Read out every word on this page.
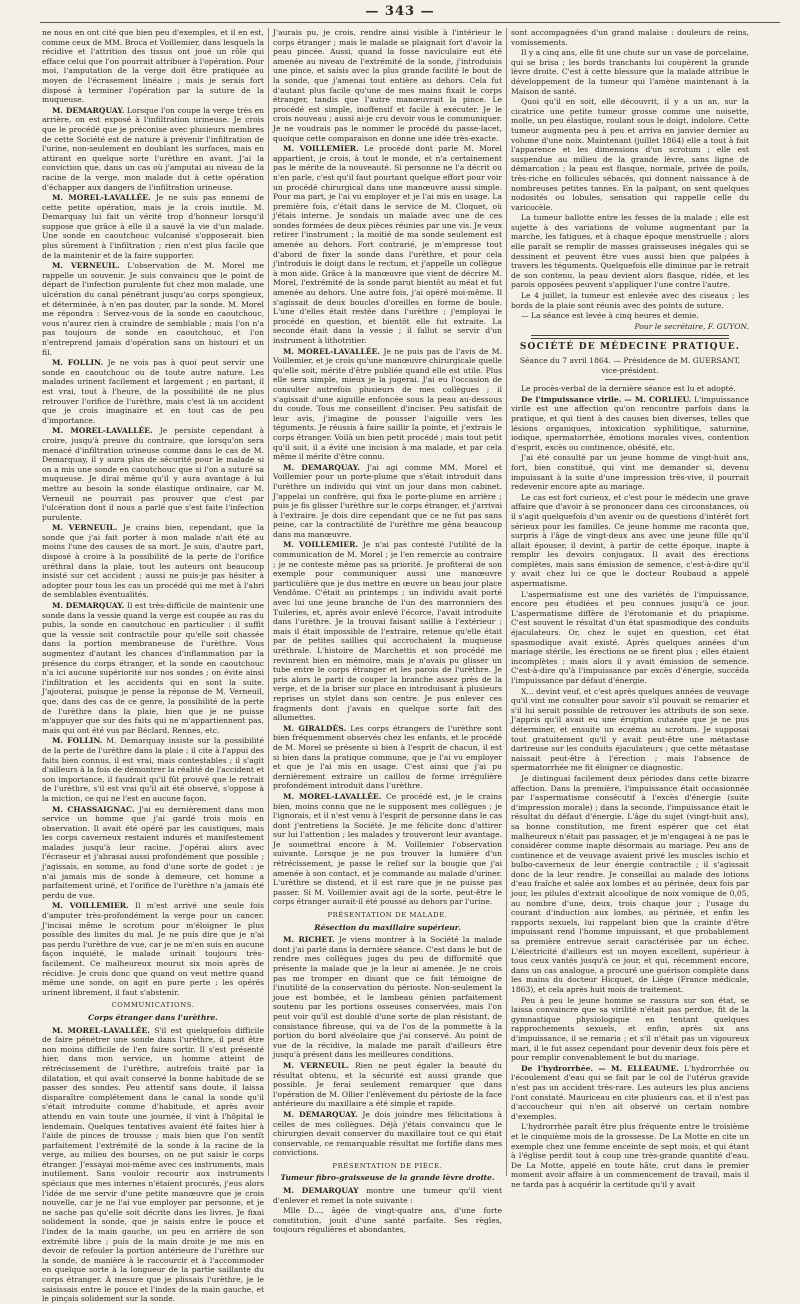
— 343 —

ne nous en ont cité que bien peu d'exemples, et il en est, comme ceux de MM. Broca et Voillemier, dans lesquels la récidive et l'attrition des tissus ont joué un rôle qui efface celui que l'on pourrait attribuer à l'opération. Pour moi, l'amputation de la verge doit être pratiquée au moyen de l'écrasement linéaire ; mais je serais fort disposé à terminer l'opération par la suture de la muqueuse.

M. DEMARQUAY. Lorsque l'on coupe la verge très en arrière, on est exposé à l'infiltration urineuse. Je crois que le procédé que je préconise avec plusieurs membres de cette Société est de nature à prévenir l'infiltration de l'urine, non-seulement en doublant les surfaces, mais en attirant en quelque sorte l'urèthre en avant. J'ai la conviction que, dans un cas où j'amputai au niveau de la racine de la verge, mon malade dut à cette opération d'échapper aux dangers de l'infiltration urineuse.

M. MOREL-LAVALLÉE. Je ne suis pas ennemi de cette petite opération, mais je la crois inutile. M. Demarquay lui fait un vérité trop d'honneur lorsqu'il suppose que grâce à elle il a sauvé la vie d'un malade. Une sonde en caoutchouc vulcanisé s'opposerait bien plus sûrement à l'infiltration ; rien n'est plus facile que de la maintenir et de la faire supporter.

M. VERNEUIL. L'observation de M. Morel me rappelle un souvenir. Je suis convaincu que le point de départ de l'infection purulente fut chez mon malade, une ulcération du canal pénétrant jusqu'au corps spongieux, et déterminée, à n'en pas douter, par la sonde. M. Morel me répondra : Servez-vous de la sonde en caoutchouc, vous n'aurez rien à craindre de semblable ; mais l'on n'a pas toujours de sonde en caoutchouc, et l'on n'entreprend jamais d'opération sans un histouri et un fil.

M. FOLLIN. Je ne vois pas à quoi peut servir une sonde en caoutchouc ou de toute autre nature. Les malades urinent facilement et largement ; en partant, il est vrai, tout à l'heure, de la possibilité de ne plus retrouver l'orifice de l'urèthre, mais c'est là un accident que je crois imaginaire et en tout cas de peu d'importance.

M. MOREL-LAVALLÉE. Je persiste cependant à croire, jusqu'à preuve du contraire, que lorsqu'on sera menacé d'infiltration urineuse comme dans le cas de M. Demarquay, il y aura plus de sécurité pour le malade si on a mis une sonde en caoutchouc que si l'on a suturé sa muqueuse. Je dirai même qu'il y aura avantage à lui mettre au besoin la sonde élastique ordinaire, car M. Verneuil ne pourrait pas prouver que c'est par l'ulcération dont il nous a parlé que s'est faite l'infection purulente.

M. VERNEUIL. Je crains bien, cependant, que la sonde que j'ai fait porter à mon malade n'ait été au moins l'une des causes de sa mort. Je suis, d'autre part, disposé à croire à la possibilité de la perte de l'orifice uréthral dans la plaie, tout les auteurs ont beaucoup insisté sur cet accident ; aussi ne puis-je pas hésiter à adopter pour tous les cas un procédé qui me met à l'abri de semblables éventualités.

M. DEMARQUAY. Il est très-difficile de maintenir une sonde dans la vessie quand la verge est coupée au ras du pubis, la sonde en caoutchouc en particulier : il suffit que la vessie soit contractile pour qu'elle soit chassée dans la portion membraneuse de l'urèthre. Vous augmentez d'autant les chances d'inflammation par la présence du corps étranger, et la sonde en caoutchouc n'a ici aucune supériorité sur nos sondes ; on évite ainsi l'infiltration et les accidents qui en sont la suite. J'ajouterai, puisque je pense la réponse de M. Verneuil, que, dans des cas de ce genre, la possibilité de la perte de l'urèthre dans la plaie, bien que je ne puisse m'appuyer que sur des faits qui ne m'appartiennent pas, mais qui ont été vus par Béclard, Rennes, etc.

M. FOLLIN. M. Demarquay insiste sur la possibilité de la perte de l'urèthre dans la plaie ; il cite à l'appui des faits bien connus, il est vrai, mais contestables ; il s'agit d'ailleurs à la fois de démontrer la réalité de l'accident et son importance, il faudrait qu'il fût prouvé que le retrait de l'urèthre, s'il est vrai qu'il ait été observé, s'oppose à la miction, ce qui ne l'est en aucune façon.

M. CHASSAIGNAC. J'ai eu dernièrement dans mon service un homme que j'ai gardé trois mois en observation. Il avait été opéré par les caustiques, mais les corps caverneux restaient indurés et manifestement malades jusqu'à leur racine. J'opérai alors avec l'écraseur et j'abrasai aussi profondément que possible ; j'agissais, en somme, au fond d'une sorte de godet : je n'ai jamais mis de sonde à demeure, cet homme a parfaitement uriné, et l'orifice de l'urèthre n'a jamais été perdu de vue.

M. VOILLEMIER. Il m'est arrivé une seule fois d'amputer très-profondément la verge pour un cancer. J'incisai même le scrotum pour m'éloigner le plus possible des limites du mal. Je ne puis dire que je n'ai pas perdu l'urèthre de vue, car je ne m'en suis en aucune façon inquiété, le malade urinait toujours très-facilement. Ce malheureux mourut six mois après de récidive. Je crois donc que quand on veut mettre quand même une sonde, on agit en pure perte ; les opérés urinent librement, il faut s'abstenir.

COMMUNICATIONS.

Corps étranger dans l'urèthre.

M. MOREL-LAVALLÉE. S'il est quelquefois difficile de faire pénétrer une sonde dans l'urèthre, il peut être non moins difficile de l'en faire sortir. Il s'est présenté hier, dans mon service, un homme atteint de rétrécissement de l'urèthre, autrefois traité par la dilatation, et qui avait conservé la bonne habitude de se passer des sondes. Peu attentif sans doute, il laissa disparaître complétement dans le canal la sonde qu'il s'était introduite comme d'habitude, et après avoir attendu en vain toute une journée, il vint à l'hôpital le lendemain. Quelques tentatives avaient été faites hier à l'aide de pinces de trousse ; mais bien que l'on sentît parfaitement l'extrémité de la sonde à la racine de la verge, au milieu des bourses, on ne put saisir le corps étranger. J'essayai moi-même avec ces instruments, mais inutilement. Sans vouloir recourir aux instruments spéciaux que mes internes n'étaient procurés, j'eus alors l'idée de me servir d'une petite manœuvre que je crois nouvelle, car je ne l'ai vue employer par personne, et je ne sache pas qu'elle soit décrite dans les livres. Je fixai solidement la sonde, que je saisis entre le pouce et l'index de la main gauche, un peu en arrière de son extrémité libre ; puis de la main droite je me mis en devoir de refouler la portion antérieure de l'urèthre sur la sonde, de manière à le raccourcir et à l'accommoder en quelque sorte à la longueur de la partie saillante du corps étranger. À mesure que je plissais l'urèthre, je le saisissais entre le pouce et l'index de la main gauche, et le pinçais solidement sur la sonde.

J'aurais pu, je crois, rendre ainsi visible à l'intérieur le corps étranger ; mais le malade se plaignait fort d'avoir la peau pincée. Aussi, quand la fosse naviculaire eut été amenée au niveau de l'extrémité de la sonde, j'introduisis une pince, et saisis avec la plus grande facilité le bout de la sonde, que j'amenai tout entière au dehors. Cela fut d'autant plus facile qu'une de mes mains fixait le corps étranger, tandis que l'autre manœuvrait la pince. Le procédé est simple, inoffensif et facile à exécuter. Je le crois nouveau ; aussi ai-je cru devoir vous le communiquer. Je ne voudrais pas le nommer le procédé du passe-lacet, quoique cette comparaison en donne une idée très-exacte.

M. VOILLEMIER. Le procédé dont parle M. Morel appartient, je crois, à tout le monde, et n'a certainement pas le mérite de la nouveauté. Si personne ne l'a décrit ou n'en parle, c'est qu'il faut pourtant quelque effort pour voir un procédé chirurgical dans une manœuvre aussi simple. Pour ma part, je l'ai vu employer et je l'ai mis en usage. La première fois, c'était dans le service de M. Cloquet, où j'étais interne. Je sondais un malade avec une de ces sondes formées de deux pièces réunies par une vis. Je veux retirer l'instrument ; la moitié de ma sonde seulement est amenée au dehors. Fort contrarié, je m'empresse tout d'abord de fixer la sonde dans l'urèthre, et pour cela j'introduis le doigt dans le rectum, et j'appelle un collègue à mon aide. Grâce à la manœuvre que vient de décrire M. Morel, l'extrémité de la sonde parut bientôt au méat et fut amenée au dehors. Une autre fois, j'ai opéré moi-même. Il s'agissait de deux boucles d'oreilles en forme de boule. L'une d'elles était restée dans l'urèthre ; j'employai le procédé en question, et bientôt elle fut extraite. La seconde était dans la vessie ; il fallut se servir d'un instrument à lithotritier.

M. MOREL-LAVALLÉE. Je ne puis pas de l'avis de M. Voillemier, et je crois qu'une manœuvre chirurgicale quelle qu'elle soit, mérite d'être publiée quand elle est utile. Plus elle sera simple, mieux je la jugerai. J'ai eu l'occasion de consulter autrefois plusieurs de mes collègues ; il s'agissait d'une aiguille enfoncée sous la peau au-dessous du coude. Tous me conseillent d'inciser. Peu satisfait de leur avis, j'imagine de pousser l'aiguille vers les téguments. Je réussis à faire saillir la pointe, et j'extrais le corps étranger. Voilà un bien petit procédé ; mais tout petit qu'il soit, il a évité une incision à ma malade, et par cela même il mérite d'être connu.

M. DEMARQUAY. J'ai agi comme MM. Morel et Voillemier pour un porte-plume que s'était introduit dans l'urèthre un individu qui vint un jour dans mon cabinet. J'appelai un confrère, qui fixa le porte-plume en arrière ; puis je fis glisser l'urèthre sur le corps étranger, et j'arrivai à l'extraire. Je dois dire cependant que ce ne fut pas sans peine, car la contractilité de l'urèthre me gêna beaucoup dans ma manœuvre.

M. VOILLEMIER. Je n'ai pas contesté l'utilité de la communication de M. Morel ; je l'en remercie au contraire ; je ne conteste même pas sa priorité. Je profiterai de son exemple pour communiquer aussi une manœuvre particulière que je dus mettre en œuvre un beau jour place Vendôme. C'était au printemps ; un individu avait porté avec lui une jeune branche de l'un des marronniers des Tuileries, et, après avoir enlevé l'écorce, l'avait introduite dans l'urèthre. Je la trouvai faisant saillie à l'extérieur ; mais il était impossible de l'extraire, retenue qu'elle était par de petites saillies qui accrochaient la muqueuse uréthrale. L'histoire de Marchettis et son procédé me revinrent bien en mémoire, mais je n'avais pu glisser un tube entre le corps étranger et les parois de l'urèthre. Je pris alors le parti de couper la branche assez près de la verge, et de la briser sur place en introduisant à plusieurs reprises un stylet dans son centre. Je pus enlever ces fragments dont j'avais en quelque sorte fait des allumettes.

M. GIRALDÈS. Les corps étrangers de l'urèthre sont bien fréquemment observés chez les enfants, et le procédé de M. Morel se présente si bien à l'esprit de chacun, il est si bien dans la pratique commune, que je l'ai vu employer et que je l'ai mis en usage. C'est ainsi que j'ai pu dernièrement extraire un caillou de forme irrégulière profondément introduit dans l'urèthre.

M. MOREL-LAVALLÉE. Ce procédé est, je le crains bien, moins connu que ne le supposent mes collègues ; je l'ignorais, et il n'est venu à l'esprit de personne dans le cas dont j'entretiens la Société. Je me félicite donc d'attirer sur lui l'attention ; les malades y trouveront leur avantage. Je soumettrai encore à M. Voillemier l'observation suivante. Lorsque je ne pus trouver la lumière d'un rétrécissement, je passe le relief sur la bougie que j'ai amenée à son contact, et je commande au malade d'uriner. L'urèthre se distend, et il est rare que je ne puisse pas passer. Si M. Voillemier avait agi de la sorte, peut-être le corps étranger aurait-il été poussé au dehors par l'urine.

PRÉSENTATION DE MALADE.

Résection du maxillaire supérieur.

M. RICHET. Je viens montrer à la Société la malade dont j'ai parlé dans la dernière séance. C'est dans le but de rendre mes collègues juges du peu de difformité que présente la malade que je la leur ai amenée. Je ne crois pas me tromper en disant que ce fait témoigne de l'inutilité de la conservation du périoste. Non-seulement la joue est bombée, et le lambeau génien parfaitement soutenu par les portions osseuses conservées, mais l'on peut voir qu'il est doublé d'une sorte de plan résistant, de consistance fibreuse, qui va de l'os de la pommette à la portion du bord alvéolaire que j'ai conservé. Au point de vue de la récidive, la malade me paraît d'ailleurs être jusqu'à présent dans les meilleures conditions.

M. VERNEUIL. Rien ne peut égaler la beauté du résultat obtenu, et la sécurité est aussi grande que possible. Je ferai seulement remarquer que dans l'opération de M. Ollier l'enlèvement du périoste de la face antérieure du maxillaire a été simple et rapide.

M. DEMARQUAY. Je dois joindre mes félicitations à celles de mes collègues. Déjà j'étais convaincu que le chirurgien devait conserver du maxillaire tout ce qui était conservable, ce remarquable résultat me fortifie dans mes convictions.

PRÉSENTATION DE PIÈCE.

Tumeur fibro-graisseuse de la grande lèvre droite.

M. DEMARQUAY montre une tumeur qu'il vient d'enlever et remet la note suivante :

Mlle D..., âgée de vingt-quatre ans, d'une forte constitution, jouit d'une santé parfaite. Ses règles, toujours régulières et abondantes,

sont accompagnées d'un grand malaise : douleurs de reins, vomissements.

Il y a cinq ans, elle fit une chute sur un vase de porcelaine, qui se brisa ; les bords tranchants lui coupèrent la grande lèvre droite. C'est à cette blessure que la malade attribue le développement de la tumeur qui l'amène maintenant à la Maison de santé.

Quoi qu'il en soit, elle découvrit, il y a un an, sur la cicatrice une petite tumeur grosse comme une noisette, molle, un peu élastique, roulant sous le doigt, indolore. Cette tumeur augmenta peu à peu et arriva en janvier dernier au volume d'une noix. Maintenant (juillet 1864) elle a tout à fait l'apparence et les dimensions d'un scrotum ; elle est suspendue au milieu de la grande lèvre, sans ligne de démarcation ; la peau est flasque, normale, privée de poils, très-riche en follicules sébacés, qui donnent naissance à de nombreuses petites tannes. En la palpant, on sent quelques nodosités ou lobules, sensation qui rappelle celle du varicocèle.

La tumeur ballotte entre les fesses de la malade ; elle est sujette à des variations de volume augmentant par la marche, les fatigues, et à chaque époque menstruelle ; alors elle paraît se remplir de masses graisseuses inégales qui se dessinent et peuvent être vues aussi bien que palpées à travers les téguments. Quelquefois elle diminue par le retrait de son contenu, la peau devient alors flasque, ridée, et les parois opposées peuvent s'appliquer l'une contre l'autre.

Le 4 juillet, la tumeur est enlevée avec des ciseaux ; les bords de la plaie sont réunis avec des points de suture.

— La séance est levée à cinq heures et demie.

Pour le secrétaire, F. GUYON.

SOCIÉTÉ DE MÉDECINE PRATIQUE.

Séance du 7 avril 1864. — Présidence de M. GUERSANT, vice-président.

Le procès-verbal de la dernière séance est lu et adopté.

De l'impuissance virile. — M. CORLIEU. L'impuissance virile est une affection qu'on rencontre parfois dans la pratique, et qui tient à des causes bien diverses, telles que lésions organiques, intoxication syphilitique, saturnine, iodique, spermatorrhée, émotions morales vives, contention d'esprit, excès ou continence, obésité, etc.

J'ai été consulté par un jeune homme de vingt-huit ans, fort, bien constitué, qui vint me demander si, devenu impuissant à la suite d'une impression très-vive, il pourrait redevenir encore apte au mariage.

Le cas est fort curieux, et c'est pour le médecin une grave affaire que d'avoir à se prononcer dans ces circonstances, où il s'agit quelquefois d'un avenir ou de questions d'intérêt fort sérieux pour les familles. Ce jeune homme me raconta que, surpris à l'âge de vingt-deux ans avec une jeune fille qu'il allait épouser, il devint, à partir de cette époque, inapte à remplir les devoirs conjugaux. Il avait des érections complètes, mais sans émission de semence, c'est-à-dire qu'il y avait chez lui ce que le docteur Roubaud a appelé aspermatisme.

L'aspermatisme est une des variétés de l'impuissance, encore peu étudiées et peu connues jusqu'à ce jour. L'aspermatisme diffère de l'érotomanie et du priapisme. C'est souvent le résultat d'un état spasmodique des conduits éjaculateurs. Or, chez le sujet en question, cet état spasmodique avait existé. Après quelques années d'un mariage stérile, les érections ne se firent plus ; elles étaient incomplètes ; mais alors il y avait émission de semence. C'est-à-dire qu'à l'impuissance par excès d'énergie, succéda l'impuissance par défaut d'énergie.

X... devint veuf, et c'est après quelques années de veuvage qu'il vint me consulter pour savoir s'il pouvait se remarier et s'il lui serait possible de retrouver les attributs de son sexe. J'appris qu'il avait eu une éruption cutanée que je ne pus déterminer, et ensuite un eczéma au scrotum. Je supposai tout gratuitement qu'il y avait peut-être une métastase dartreuse sur les conduits éjaculateurs ; que cette métastase naissait peut-être à l'érection ; mais l'absence de spermatorrhée me fit éloigner ce diagnostic.

Je distinguai facilement deux périodes dans cette bizarre affection. Dans la première, l'impuissance était occasionnée par l'aspermatisme consécutif à l'excès d'énergie (suite d'impression morale) ; dans la seconde, l'impuissance était le résultat du défaut d'énergie. L'âge du sujet (vingt-huit ans), sa bonne constitution, me firent espérer que cet état malheureux n'était pas passager, et je m'engageai à ne pas le considérer comme inapte désormais au mariage. Peu ans de continence et de veuvage avaient privé les muscles ischio et bulbo-caverneux de leur énergie contractile ; il s'agissait donc de la leur rendre. Je conseillai au malade des lotions d'eau fraîche et salée aux lombes et au périnée, deux fois par jour, les pilules d'extrait alcoolique de noix vomique de 0,05, au nombre d'une, deux, trois chaque jour ; l'usage du courant d'induction aux lombes, au périnée, et enfin les rapports sexuels, lui rappelant bien que la crainte d'être impuissant rend l'homme impuissant, et que probablement sa première entrevue serait caractérisée par un échec. L'électricité d'ailleurs est un moyen excellent, supérieur à tous ceux vantés jusqu'à ce jour, et qui, récemment encore, dans un cas analogue, a procuré une guérison complète dans les mains du docteur Hicquet, de Liège (France médicale, 1863), et cela après huit mois de traitement.

Peu à peu le jeune homme se rassura sur son état, se laissa convaincre que sa virilité n'était pas perdue, fit de la gymnastique physiologique en tentant quelques rapprochements sexuels, et enfin, après six ans d'impuissance, il se remaria ; et s'il n'était pas un vigoureux mari, il le fut assez cependant pour devenir deux fois père et pour remplir convenablement le but du mariage.

De l'hydrorrhée. — M. ELLEAUME. L'hydrorrhée ou l'écoulement d'eau qui se fait par le col de l'utérus gravide n'est pas un accident très-rare. Les auteurs les plus anciens l'ont constaté. Mauriceau en cite plusieurs cas, et il n'est pas d'accoucheur qui n'en ait observé un certain nombre d'exemples.

L'hydrorrhée paraît être plus fréquente entre le troisième et le cinquième mois de la grossesse. De La Motte en cite un exemple chez une femme enceinte de sept mois, et qui étant à l'église perdit tout à coup une très-grande quantité d'eau. De La Motte, appelé en toute hâte, crut dans le premier moment avoir affaire à un commencement de travail, mais il ne tarda pas à acquérir la certitude qu'il y avait
